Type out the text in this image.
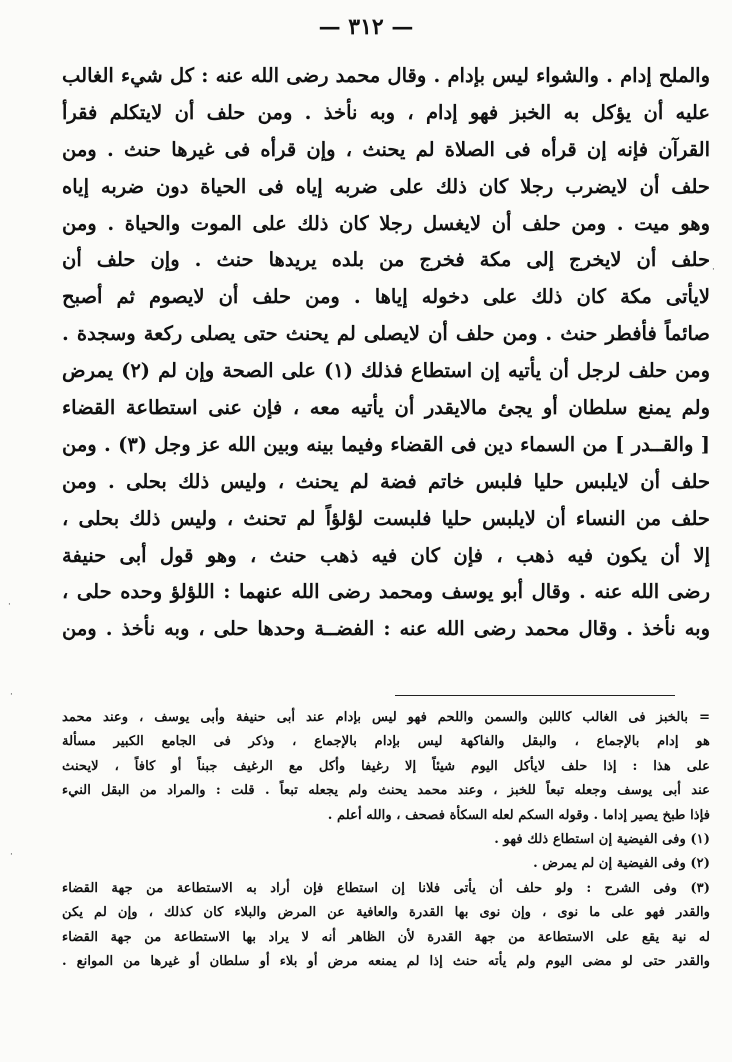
— ٣١٢ —
والملح إدام . والشواء ليس بإدام . وقال محمد رضى الله عنه : كل شيء الغالب
عليه أن يؤكل به الخبز فهو إدام ، وبه نأخذ . ومن حلف أن لايتكلم فقرأ
القرآن فإنه إن قرأه فى الصلاة لم يحنث ، وإن قرأه فى غيرها حنث . ومن
حلف أن لايضرب رجلا كان ذلك على ضربه إياه فى الحياة دون ضربه إياه
وهو ميت . ومن حلف أن لايغسل رجلا كان ذلك على الموت والحياة . ومن
حلف أن لايخرج إلى مكة فخرج من بلده يريدها حنث . وإن حلف أن
لايأتى مكة كان ذلك على دخوله إياها . ومن حلف أن لايصوم ثم أصبح
صائماً فأفطر حنث . ومن حلف أن لايصلى لم يحنث حتى يصلى ركعة وسجدة .
ومن حلف لرجل أن يأتيه إن استطاع فذلك (١) على الصحة وإن لم (٢) يمرض
ولم يمنع سلطان أو يجئ مالايقدر أن يأتيه معه ، فإن عنى استطاعة القضاء
[ والقــدر ] من السماء دين فى القضاء وفيما بينه وبين الله عز وجل (٣) . ومن
حلف أن لايلبس حليا فلبس خاتم فضة لم يحنث ، وليس ذلك بحلى . ومن
حلف من النساء أن لايلبس حليا فلبست لؤلؤاً لم تحنث ، وليس ذلك بحلى ،
إلا أن يكون فيه ذهب ، فإن كان فيه ذهب حنث ، وهو قول أبى حنيفة
رضى الله عنه . وقال أبو يوسف ومحمد رضى الله عنهما : اللؤلؤ وحده حلى ،
وبه نأخذ . وقال محمد رضى الله عنه : الفضــة وحدها حلى ، وبه نأخذ . ومن
= بالخبز فى الغالب كاللبن والسمن واللحم فهو ليس بإدام عند أبى حنيفة وأبى يوسف ، وعند محمد
هو إدام بالإجماع ، والبقل والفاكهة ليس بإدام بالإجماع ، وذكر فى الجامع الكبير مسألة
على هذا : إذا حلف لايأكل اليوم شيئاً إلا رغيفا وأكل مع الرغيف جبناً أو كافاً ، لايحنث
عند أبى يوسف وجعله تبعاً للخبز ، وعند محمد يحنث ولم يجعله تبعاً . قلت : والمراد من البقل النيء
فإذا طبخ يصير إداما . وقوله السكم لعله السكأة فصحف ، والله أعلم .
(١) وفى الفيضية إن استطاع ذلك فهو .
(٢) وفى الفيضية إن لم يمرض .
(٣) وفى الشرح : ولو حلف أن يأتى فلانا إن استطاع فإن أراد به الاستطاعة من جهة القضاء
والقدر فهو على ما نوى ، وإن نوى بها القدرة والعافية عن المرض والبلاء كان كذلك ، وإن لم يكن
له نية يقع على الاستطاعة من جهة القدرة لأن الظاهر أنه لا يراد بها الاستطاعة من جهة القضاء
والقدر حتى لو مضى اليوم ولم يأته حنث إذا لم يمنعه مرض أو بلاء أو سلطان أو غيرها من الموانع .
·
·
·
·
